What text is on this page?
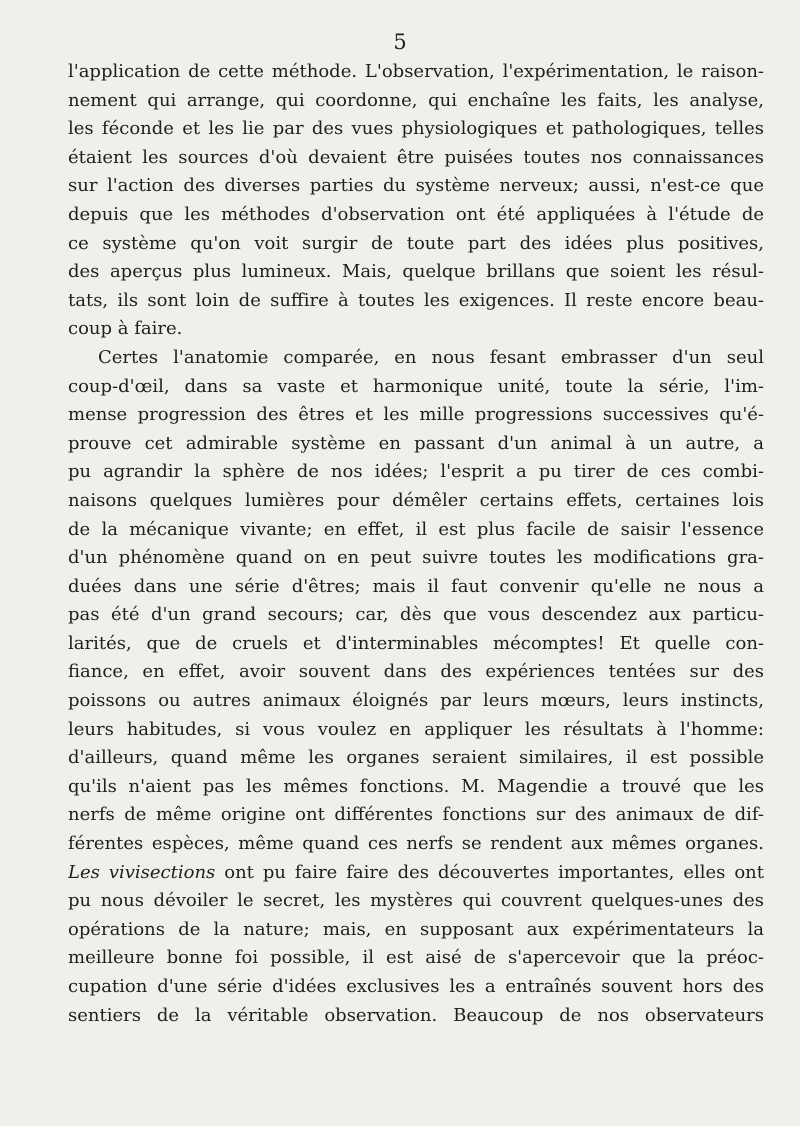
5
l'application de cette méthode. L'observation, l'expérimentation, le raison-
nement qui arrange, qui coordonne, qui enchaîne les faits, les analyse,
les féconde et les lie par des vues physiologiques et pathologiques, telles
étaient les sources d'où devaient être puisées toutes nos connaissances
sur l'action des diverses parties du système nerveux; aussi, n'est-ce que
depuis que les méthodes d'observation ont été appliquées à l'étude de
ce système qu'on voit surgir de toute part des idées plus positives,
des aperçus plus lumineux. Mais, quelque brillans que soient les résul-
tats, ils sont loin de suffire à toutes les exigences. Il reste encore beau-
coup à faire.
Certes l'anatomie comparée, en nous fesant embrasser d'un seul
coup-d'œil, dans sa vaste et harmonique unité, toute la série, l'im-
mense progression des êtres et les mille progressions successives qu'é-
prouve cet admirable système en passant d'un animal à un autre, a
pu agrandir la sphère de nos idées; l'esprit a pu tirer de ces combi-
naisons quelques lumières pour démêler certains effets, certaines lois
de la mécanique vivante; en effet, il est plus facile de saisir l'essence
d'un phénomène quand on en peut suivre toutes les modifications gra-
duées dans une série d'êtres; mais il faut convenir qu'elle ne nous a
pas été d'un grand secours; car, dès que vous descendez aux particu-
larités, que de cruels et d'interminables mécomptes! Et quelle con-
fiance, en effet, avoir souvent dans des expériences tentées sur des
poissons ou autres animaux éloignés par leurs mœurs, leurs instincts,
leurs habitudes, si vous voulez en appliquer les résultats à l'homme:
d'ailleurs, quand même les organes seraient similaires, il est possible
qu'ils n'aient pas les mêmes fonctions. M. Magendie a trouvé que les
nerfs de même origine ont différentes fonctions sur des animaux de dif-
férentes espèces, même quand ces nerfs se rendent aux mêmes organes.
Les vivisections ont pu faire faire des découvertes importantes, elles ont
pu nous dévoiler le secret, les mystères qui couvrent quelques-unes des
opérations de la nature; mais, en supposant aux expérimentateurs la
meilleure bonne foi possible, il est aisé de s'apercevoir que la préoc-
cupation d'une série d'idées exclusives les a entraînés souvent hors des
sentiers de la véritable observation. Beaucoup de nos observateurs
